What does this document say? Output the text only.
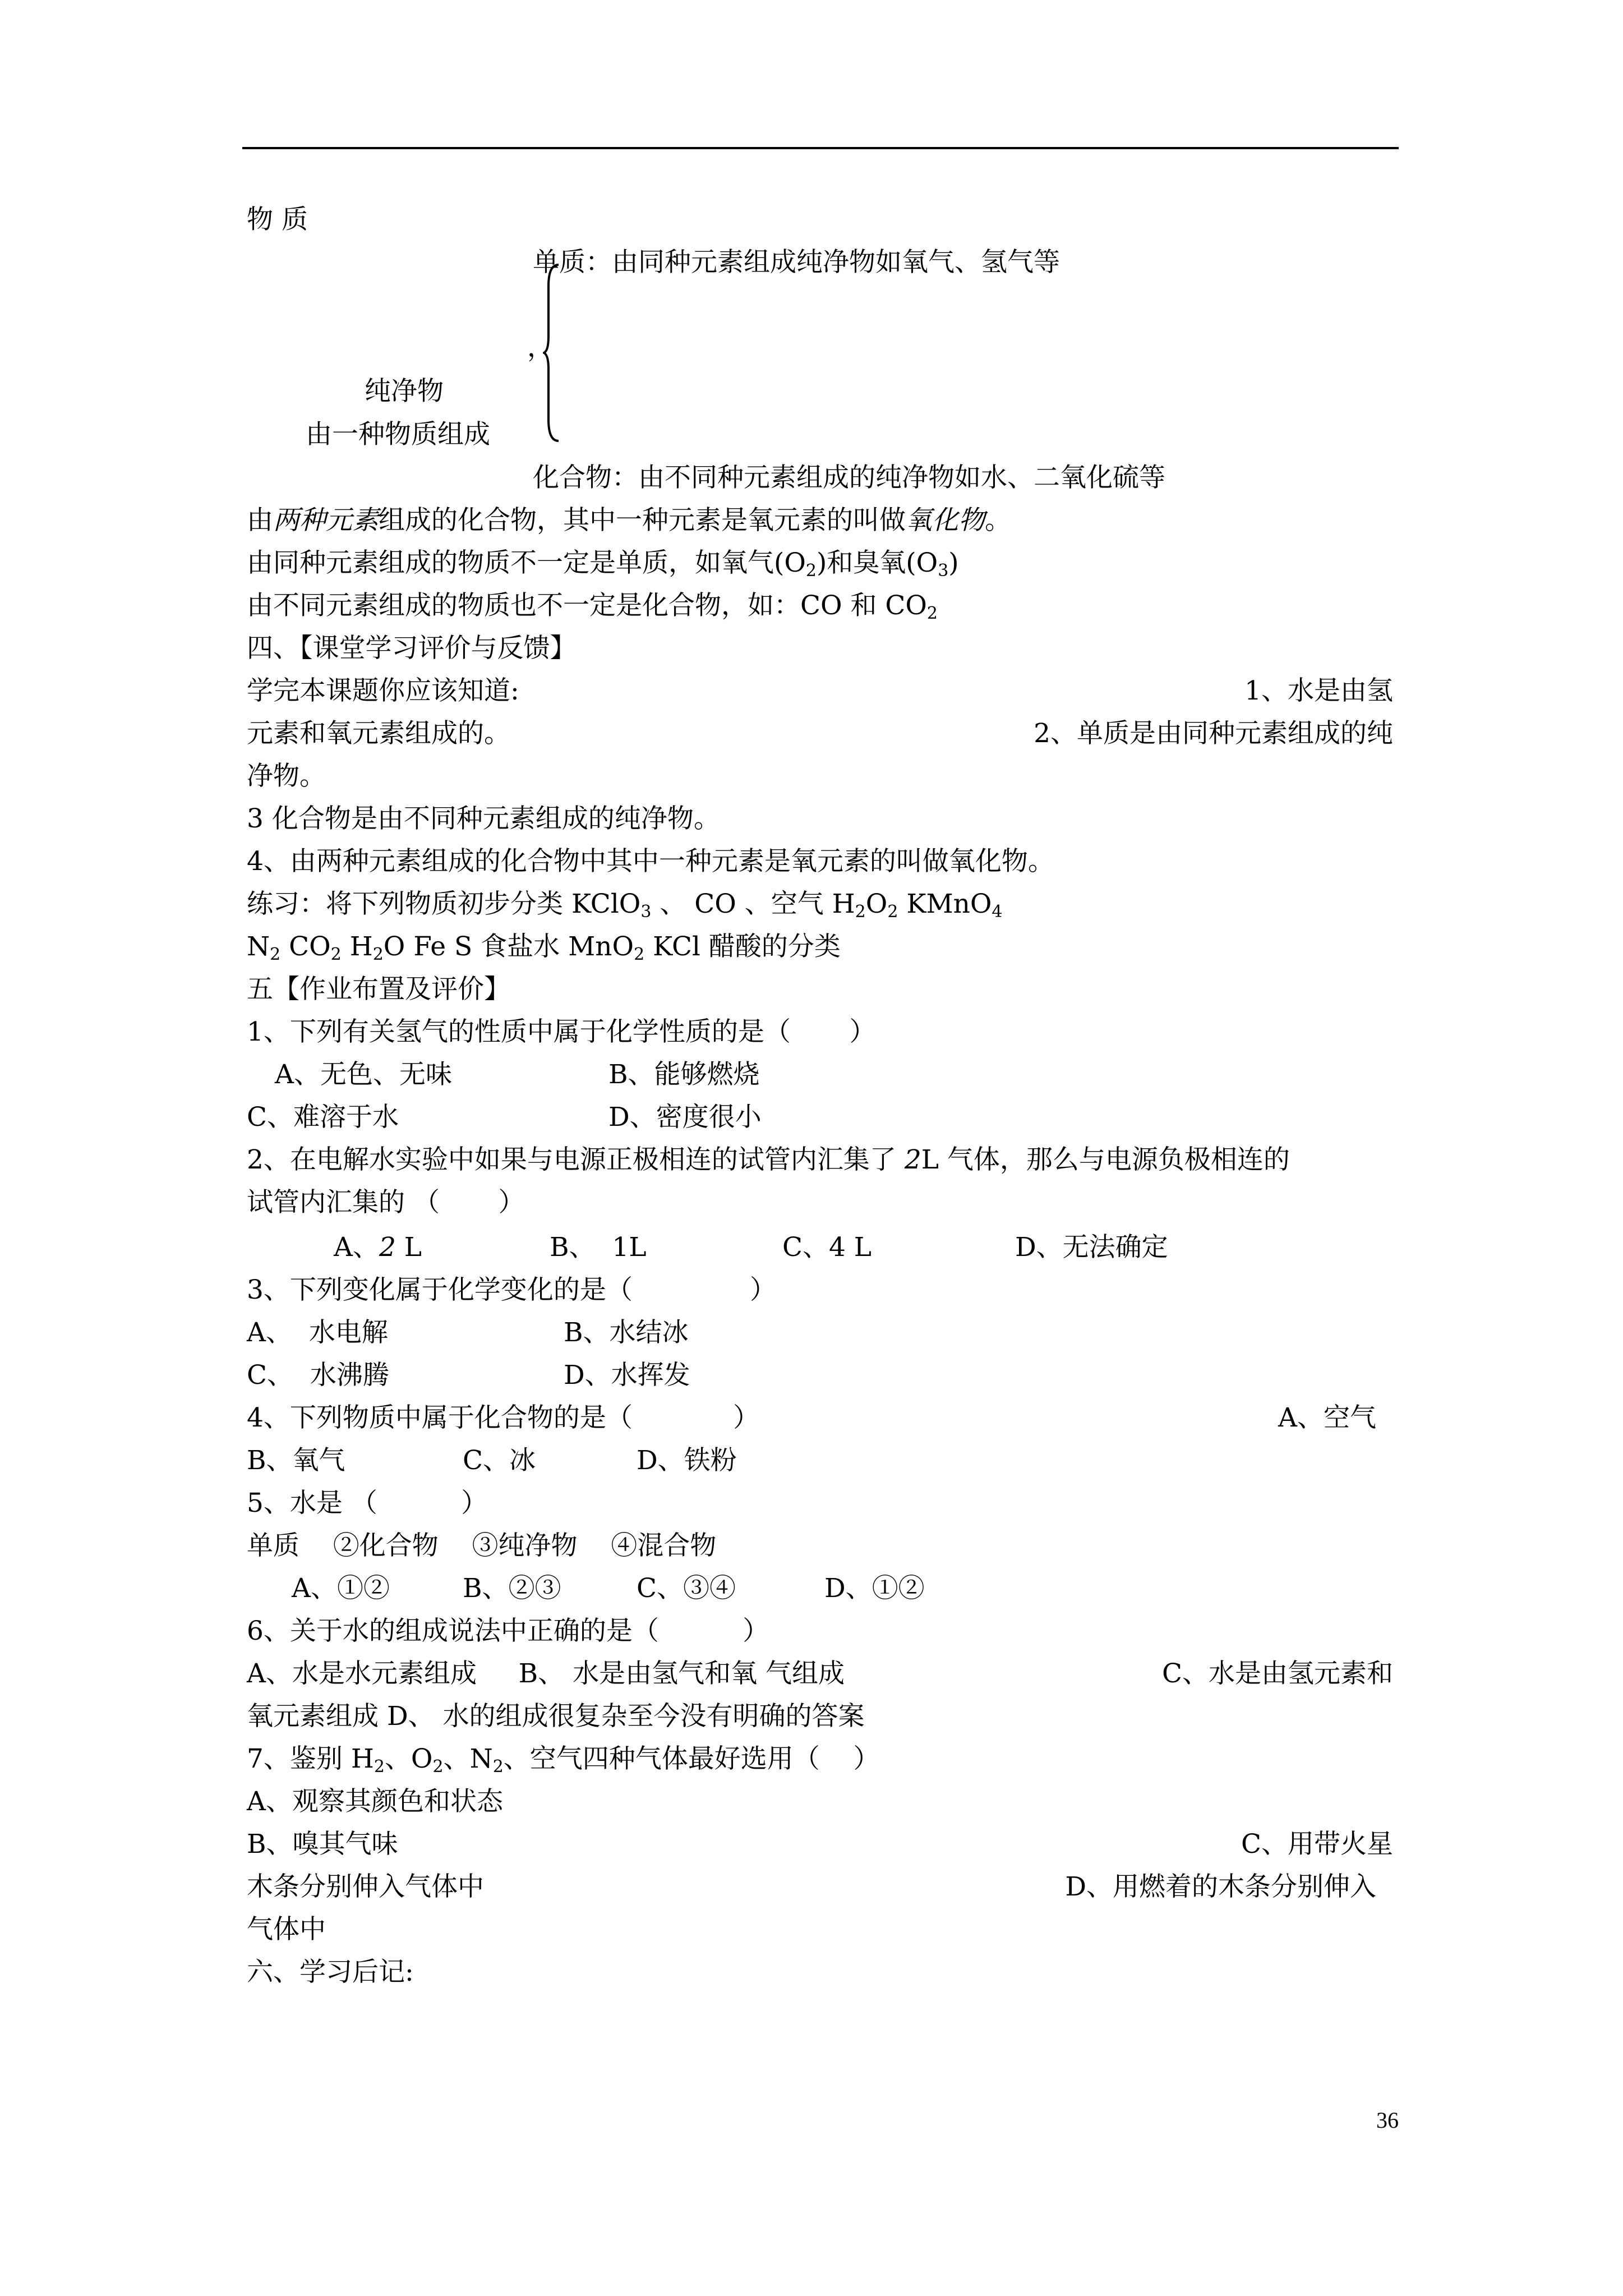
物 质
单质：由同种元素组成纯净物如氧气、氢气等
，
纯净物
由一种物质组成
化合物：由不同种元素组成的纯净物如水、二氧化硫等
由两种元素组成的化合物，其中一种元素是氧元素的叫做氧化物。
由同种元素组成的物质不一定是单质，如氧气$(O_2)$和臭氧$(O_3)$
由不同元素组成的物质也不一定是化合物，如：CO 和 $CO_2$
四、【课堂学习评价与反馈】
学完本课题你应该知道:	1、水是由氢
元素和氧元素组成的。	2、单质是由同种元素组成的纯
净物。
3 化合物是由不同种元素组成的纯净物。
4、由两种元素组成的化合物中其中一种元素是氧元素的叫做氧化物。
练习：将下列物质初步分类 KClO$_3$ 、 CO 、空气 $H_2O_2$ KMnO$_4$
$N_2$ $CO_2$ $H_2O$ Fe S 食盐水 MnO$_2$ KCl 醋酸的分类
五【作业布置及评价】
1、下列有关氢气的性质中属于化学性质的是（       ）
A、无色、无味	B、能够燃烧
C、难溶于水	D、密度很小
2、在电解水实验中如果与电源正极相连的试管内汇集了 2L 气体，那么与电源负极相连的
试管内汇集的 （       ）
A、2 L	B、  1L	C、4 L	D、无法确定
3、下列变化属于化学变化的是（              ）
A、  水电解	B、水结冰
C、  水沸腾	D、水挥发
4、下列物质中属于化合物的是（            ）	A、空气
B、氧气	C、冰	D、铁粉
5、水是 （          ）
单质    ②化合物    ③纯净物    ④混合物
A、①②	B、②③	C、③④	D、①②
6、关于水的组成说法中正确的是（          ）
A、水是水元素组成     B、 水是由氢气和氧 气组成	C、水是由氢元素和
氧元素组成 D、 水的组成很复杂至今没有明确的答案
7、鉴别 $H_2$、$O_2$、$N_2$、空气四种气体最好选用（    ）
A、观察其颜色和状态
B、嗅其气味	C、用带火星
木条分别伸入气体中	D、用燃着的木条分别伸入
气体中
六、学习后记:
36
